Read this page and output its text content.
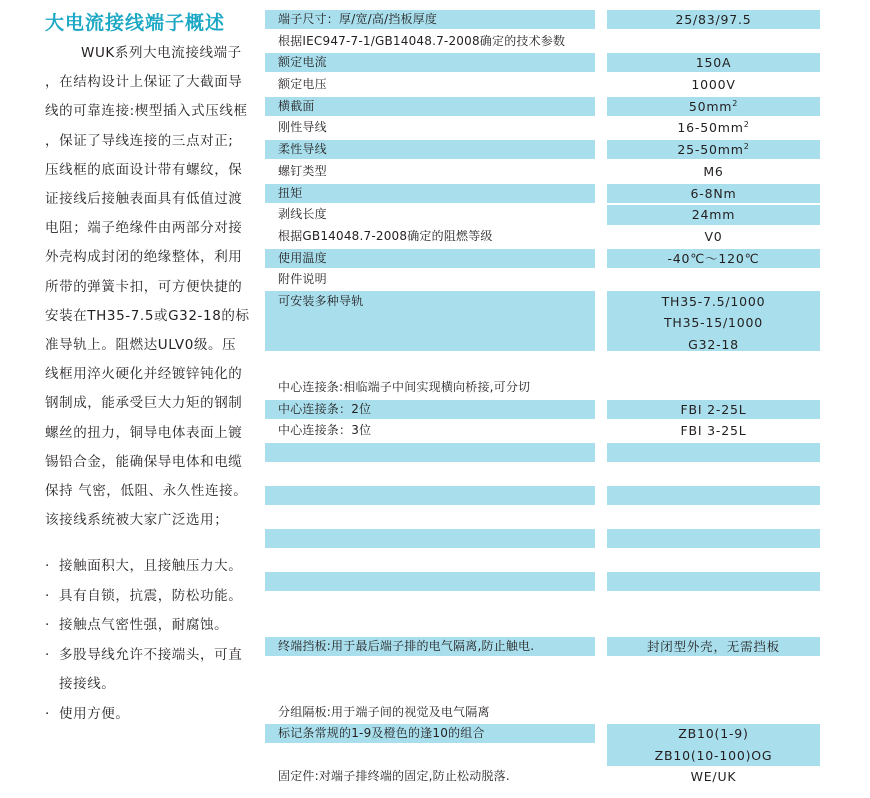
大电流接线端子概述
WUK系列大电流接线端子
，在结构设计上保证了大截面导
线的可靠连接:楔型插入式压线框
，保证了导线连接的三点对正;
压线框的底面设计带有螺纹，保
证接线后接触表面具有低值过渡
电阻；端子绝缘件由两部分对接
外壳构成封闭的绝缘整体，利用
所带的弹簧卡扣，可方便快捷的
安装在TH35-7.5或G32-18的标
准导轨上。阻燃达ULV0级。压
线框用淬火硬化并经镀锌钝化的
钢制成，能承受巨大力矩的钢制
螺丝的扭力，铜导电体表面上镀
锡铅合金，能确保导电体和电缆
保持 气密，低阻、永久性连接。
该接线系统被大家广泛选用；
· 接触面积大，且接触压力大。
· 具有自锁，抗震，防松功能。
· 接触点气密性强，耐腐蚀。
· 多股导线允许不接端头，可直接接线。
· 使用方便。
端子尺寸：厚/宽/高/挡板厚度
根据IEC947-7-1/GB14048.7-2008确定的技术参数
额定电流
额定电压
横截面
刚性导线
柔性导线
螺钉类型
扭矩
剥线长度
根据GB14048.7-2008确定的阻燃等级
使用温度
附件说明
可安装多种导轨
中心连接条:相临端子中间实现横向桥接,可分切
中心连接条：2位
中心连接条：3位
终端挡板:用于最后端子排的电气隔离,防止触电.
分组隔板:用于端子间的视觉及电气隔离
标记条常规的1-9及橙色的逢10的组合
固定件:对端子排终端的固定,防止松动脱落.
25/83/97.5
150A
1000V
$50mm^2$
$16-50mm^2$
$25-50mm^2$
M6
6-8Nm
24mm
V0
-40℃～120℃
TH35-7.5/1000
TH35-15/1000
G32-18
FBI 2-25L
FBI 3-25L
封闭型外壳，无需挡板
ZB10(1-9)
ZB10(10-100)OG
WE/UK
